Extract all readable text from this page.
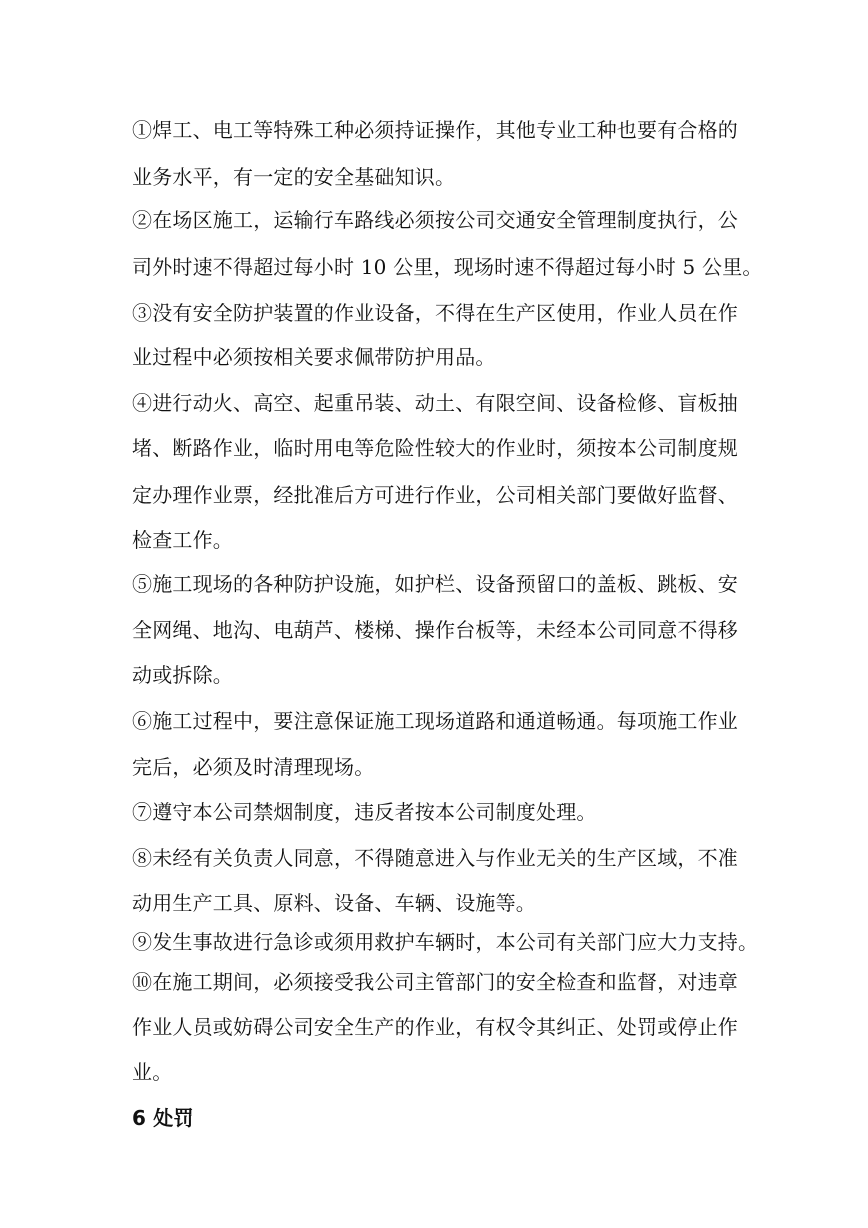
①焊工、电工等特殊工种必须持证操作，其他专业工种也要有合格的
业务水平，有一定的安全基础知识。
②在场区施工，运输行车路线必须按公司交通安全管理制度执行，公
司外时速不得超过每小时 10 公里，现场时速不得超过每小时 5 公里。
③没有安全防护装置的作业设备，不得在生产区使用，作业人员在作
业过程中必须按相关要求佩带防护用品。
④进行动火、高空、起重吊装、动土、有限空间、设备检修、盲板抽
堵、断路作业，临时用电等危险性较大的作业时，须按本公司制度规
定办理作业票，经批准后方可进行作业，公司相关部门要做好监督、
检查工作。
⑤施工现场的各种防护设施，如护栏、设备预留口的盖板、跳板、安
全网绳、地沟、电葫芦、楼梯、操作台板等，未经本公司同意不得移
动或拆除。
⑥施工过程中，要注意保证施工现场道路和通道畅通。每项施工作业
完后，必须及时清理现场。
⑦遵守本公司禁烟制度，违反者按本公司制度处理。
⑧未经有关负责人同意，不得随意进入与作业无关的生产区域，不准
动用生产工具、原料、设备、车辆、设施等。
⑨发生事故进行急诊或须用救护车辆时，本公司有关部门应大力支持。
⑩在施工期间，必须接受我公司主管部门的安全检查和监督，对违章
作业人员或妨碍公司安全生产的作业，有权令其纠正、处罚或停止作
业。
6 处罚
